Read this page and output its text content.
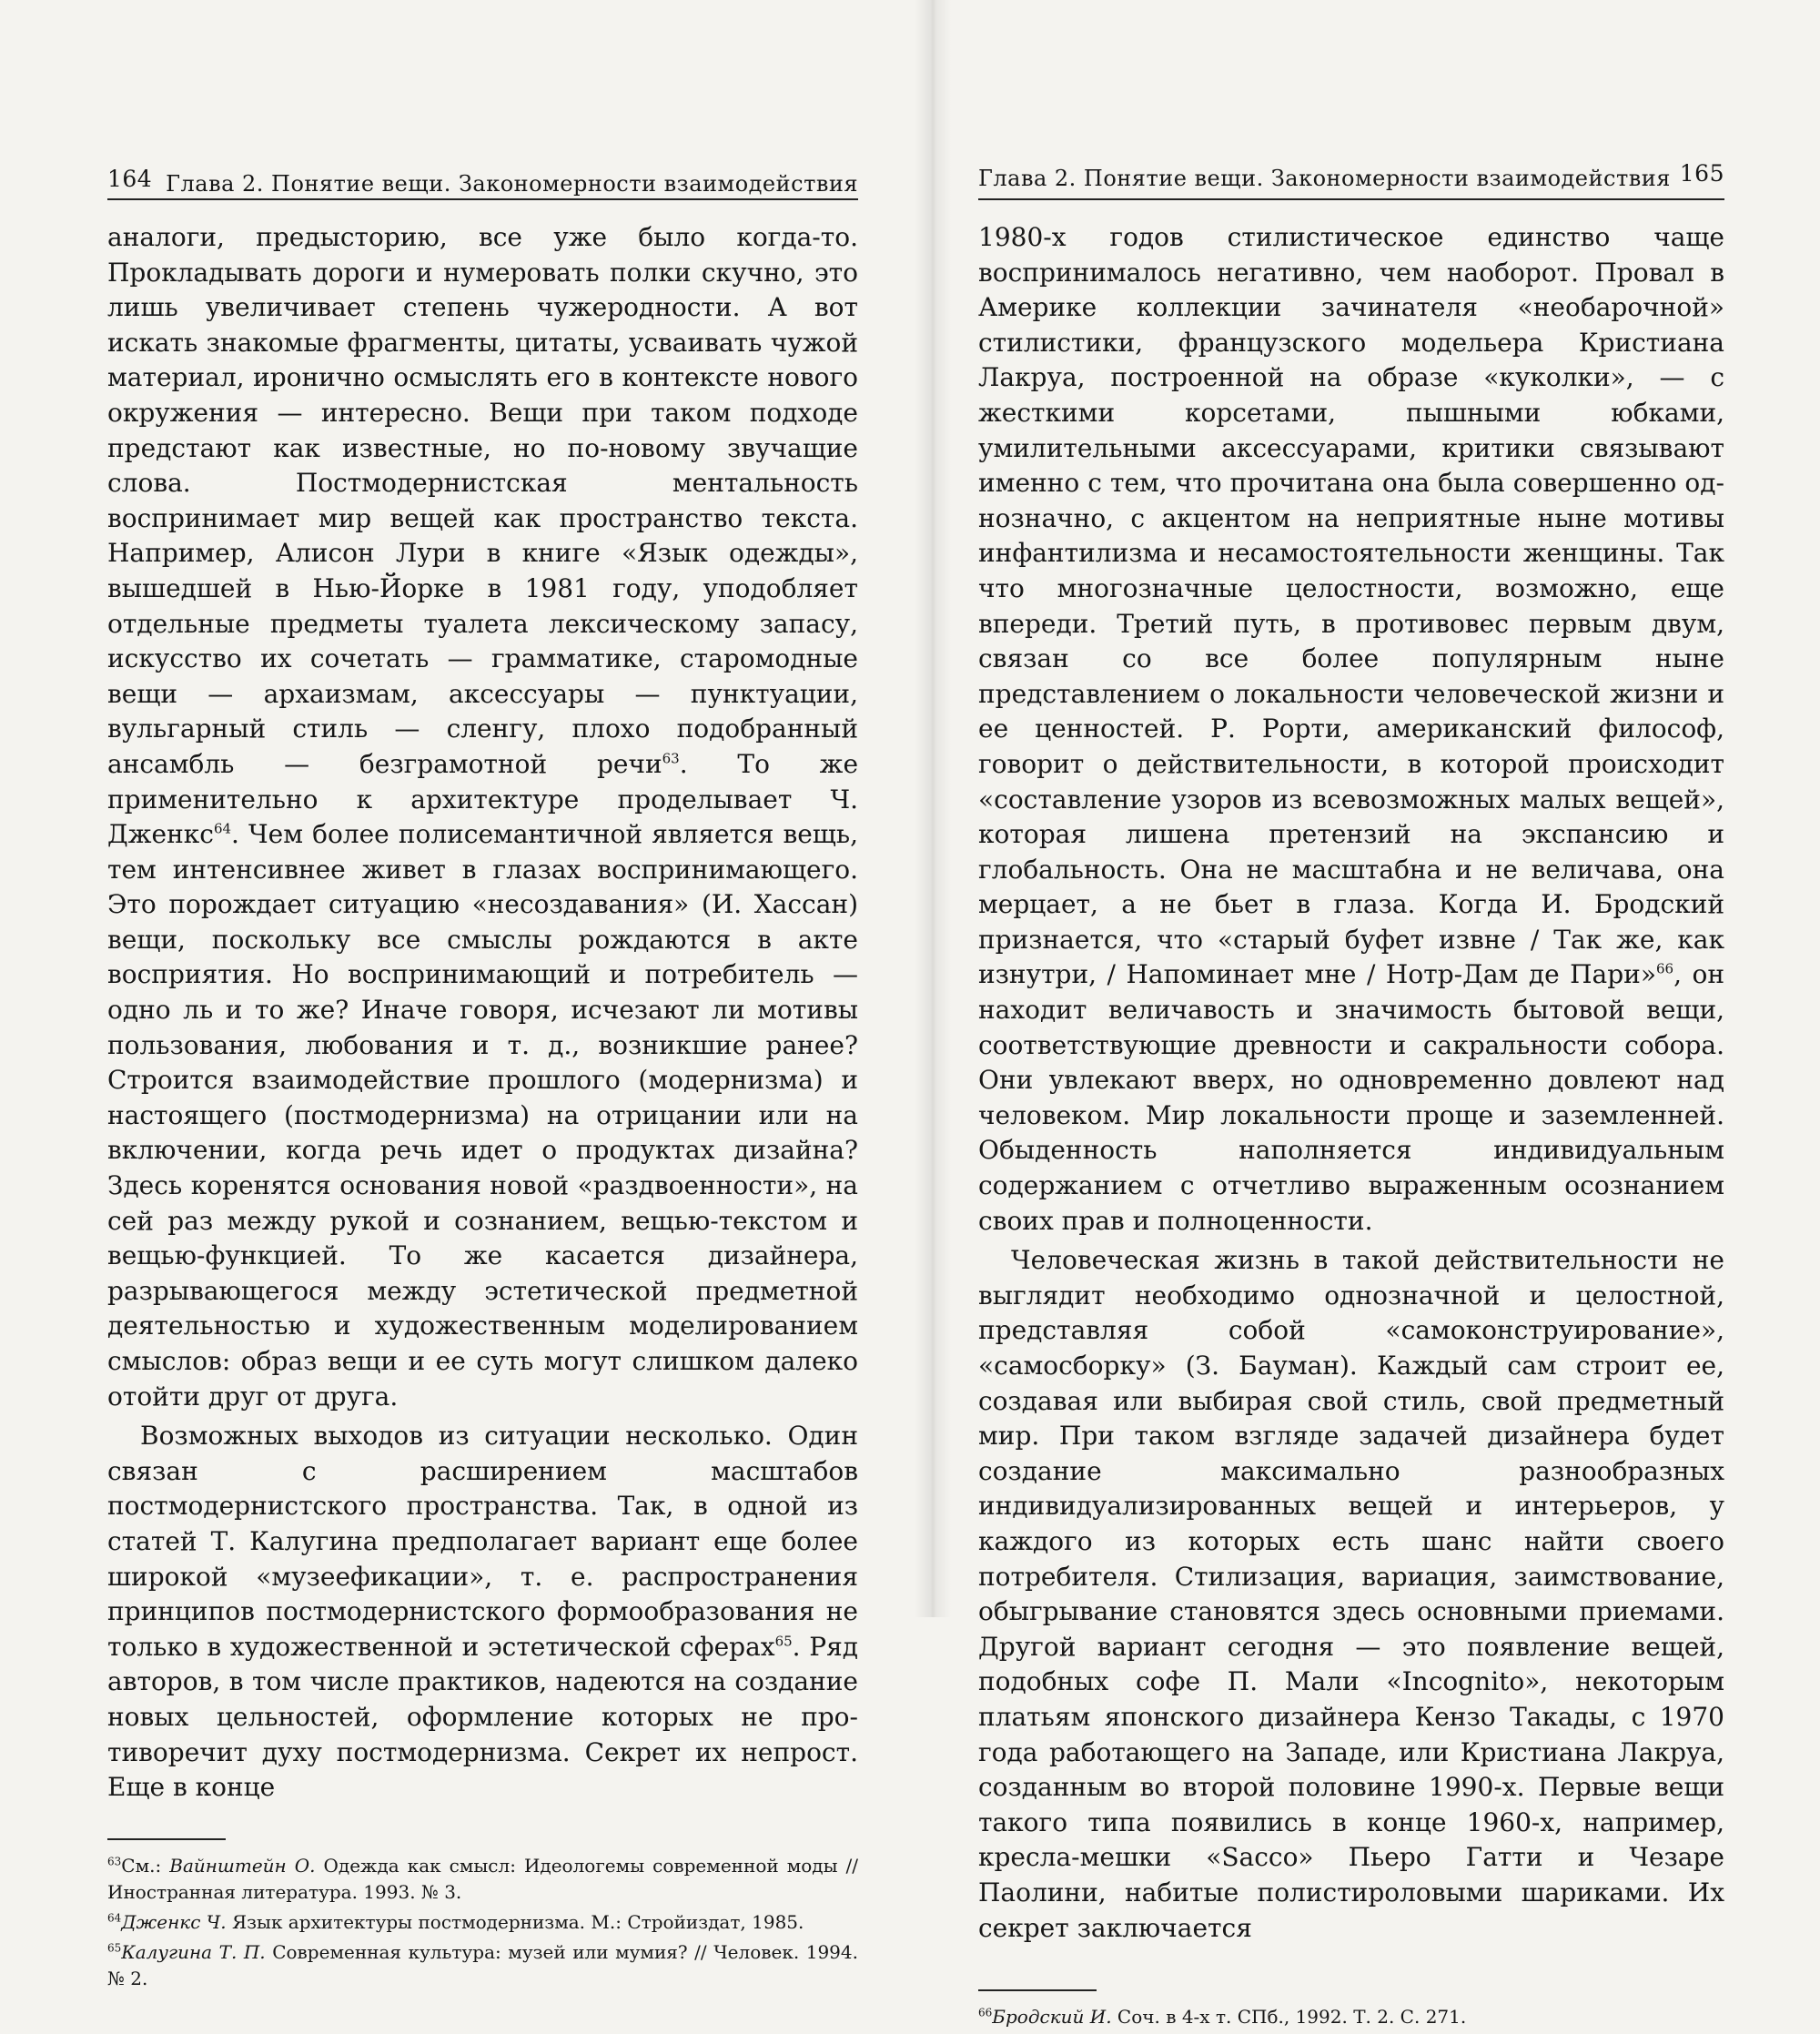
164 Глава 2. Понятие вещи. Закономерности взаимодействия

аналоги, предысторию, все уже было когда-то. Прокладывать дороги и нумеровать полки скучно, это лишь увеличивает степень чужеродности. А вот искать знакомые фрагменты, цитаты, усваивать чужой материал, иронично осмыслять его в контексте нового окружения — интересно. Вещи при таком подходе предстают как известные, но по-новому звучащие слова. Постмодернистская ментальность воспринимает мир вещей как пространство текста. Например, Алисон Лури в книге «Язык одежды», вышедшей в Нью-Йорке в 1981 году, уподобляет отдельные предметы туалета лексическому запасу, искусство их сочетать — грамматике, старомодные вещи — архаизмам, аксессуары — пунктуации, вульгарный стиль — сленгу, плохо подобранный ансамбль — безграмотной речи$^{63}$. То же применительно к архитектуре проделывает Ч. Дженкс$^{64}$. Чем более полисемантичной является вещь, тем интенсивнее живет в глазах воспринимающего. Это порождает ситуацию «несоздавания» (И. Хассан) вещи, поскольку все смыслы рождаются в акте восприятия. Но воспринимающий и потребитель — одно ль и то же? Иначе говоря, исчезают ли мотивы пользования, любования и т. д., возникшие ранее? Строится взаимодействие прошлого (модернизма) и настоящего (постмодернизма) на отрицании или на включении, когда речь идет о продуктах дизайна? Здесь коренятся основания новой «раздвоенности», на сей раз между рукой и сознанием, вещью-текстом и вещью-функцией. То же касается дизайнера, разрывающегося между эстетической предметной деятельностью и художественным моделированием смыслов: образ вещи и ее суть могут слишком далеко отойти друг от друга.

Возможных выходов из ситуации несколько. Один связан с расширением масштабов постмодернистского пространства. Так, в одной из статей Т. Калугина предполагает вариант еще более широкой «музеефикации», т. е. распространения принципов постмодернистского формообразования не только в художественной и эстетической сферах$^{65}$. Ряд авторов, в том числе практиков, надеются на создание новых цельностей, оформление которых не противоречит духу постмодернизма. Секрет их непрост. Еще в конце

$^{63}$См.: Вайнштейн О. Одежда как смысл: Идеологемы современной моды // Иностранная литература. 1993. № 3.

$^{64}$Дженкс Ч. Язык архитектуры постмодернизма. М.: Стройиздат, 1985.

$^{65}$Калугина Т. П. Современная культура: музей или мумия? // Человек. 1994. № 2.

Глава 2. Понятие вещи. Закономерности взаимодействия 165

1980-х годов стилистическое единство чаще воспринималось негативно, чем наоборот. Провал в Америке коллекции зачинателя «необарочной» стилистики, французского модельера Кристиана Лакруа, построенной на образе «куколки», — с жесткими корсетами, пышными юбками, умилительными аксессуарами, критики связывают именно с тем, что прочитана она была совершенно однозначно, с акцентом на неприятные ныне мотивы инфантилизма и несамостоятельности женщины. Так что многозначные целостности, возможно, еще впереди. Третий путь, в противовес первым двум, связан со все более популярным ныне представлением о локальности человеческой жизни и ее ценностей. Р. Рорти, американский философ, говорит о действительности, в которой происходит «составление узоров из всевозможных малых вещей», которая лишена претензий на экспансию и глобальность. Она не масштабна и не величава, она мерцает, а не бьет в глаза. Когда И. Бродский признается, что «старый буфет извне / Так же, как изнутри, / Напоминает мне / Нотр-Дам де Пари»$^{66}$, он находит величавость и значимость бытовой вещи, соответствующие древности и сакральности собора. Они увлекают вверх, но одновременно довлеют над человеком. Мир локальности проще и заземленней. Обыденность наполняется индивидуальным содержанием с отчетливо выраженным осознанием своих прав и полноценности.

Человеческая жизнь в такой действительности не выглядит необходимо однозначной и целостной, представляя собой «самоконструирование», «самосборку» (З. Бауман). Каждый сам строит ее, создавая или выбирая свой стиль, свой предметный мир. При таком взгляде задачей дизайнера будет создание максимально разнообразных индивидуализированных вещей и интерьеров, у каждого из которых есть шанс найти своего потребителя. Стилизация, вариация, заимствование, обыгрывание становятся здесь основными приемами. Другой вариант сегодня — это появление вещей, подобных софе П. Мали «Incognito», некоторым платьям японского дизайнера Кензо Такады, с 1970 года работающего на Западе, или Кристиана Лакруа, созданным во второй половине 1990-х. Первые вещи такого типа появились в конце 1960-х, например, кресла-мешки «Sacco» Пьеро Гатти и Чезаре Паолини, набитые полистироловыми шариками. Их секрет заключается

$^{66}$Бродский И. Соч. в 4-х т. СПб., 1992. Т. 2. С. 271.
